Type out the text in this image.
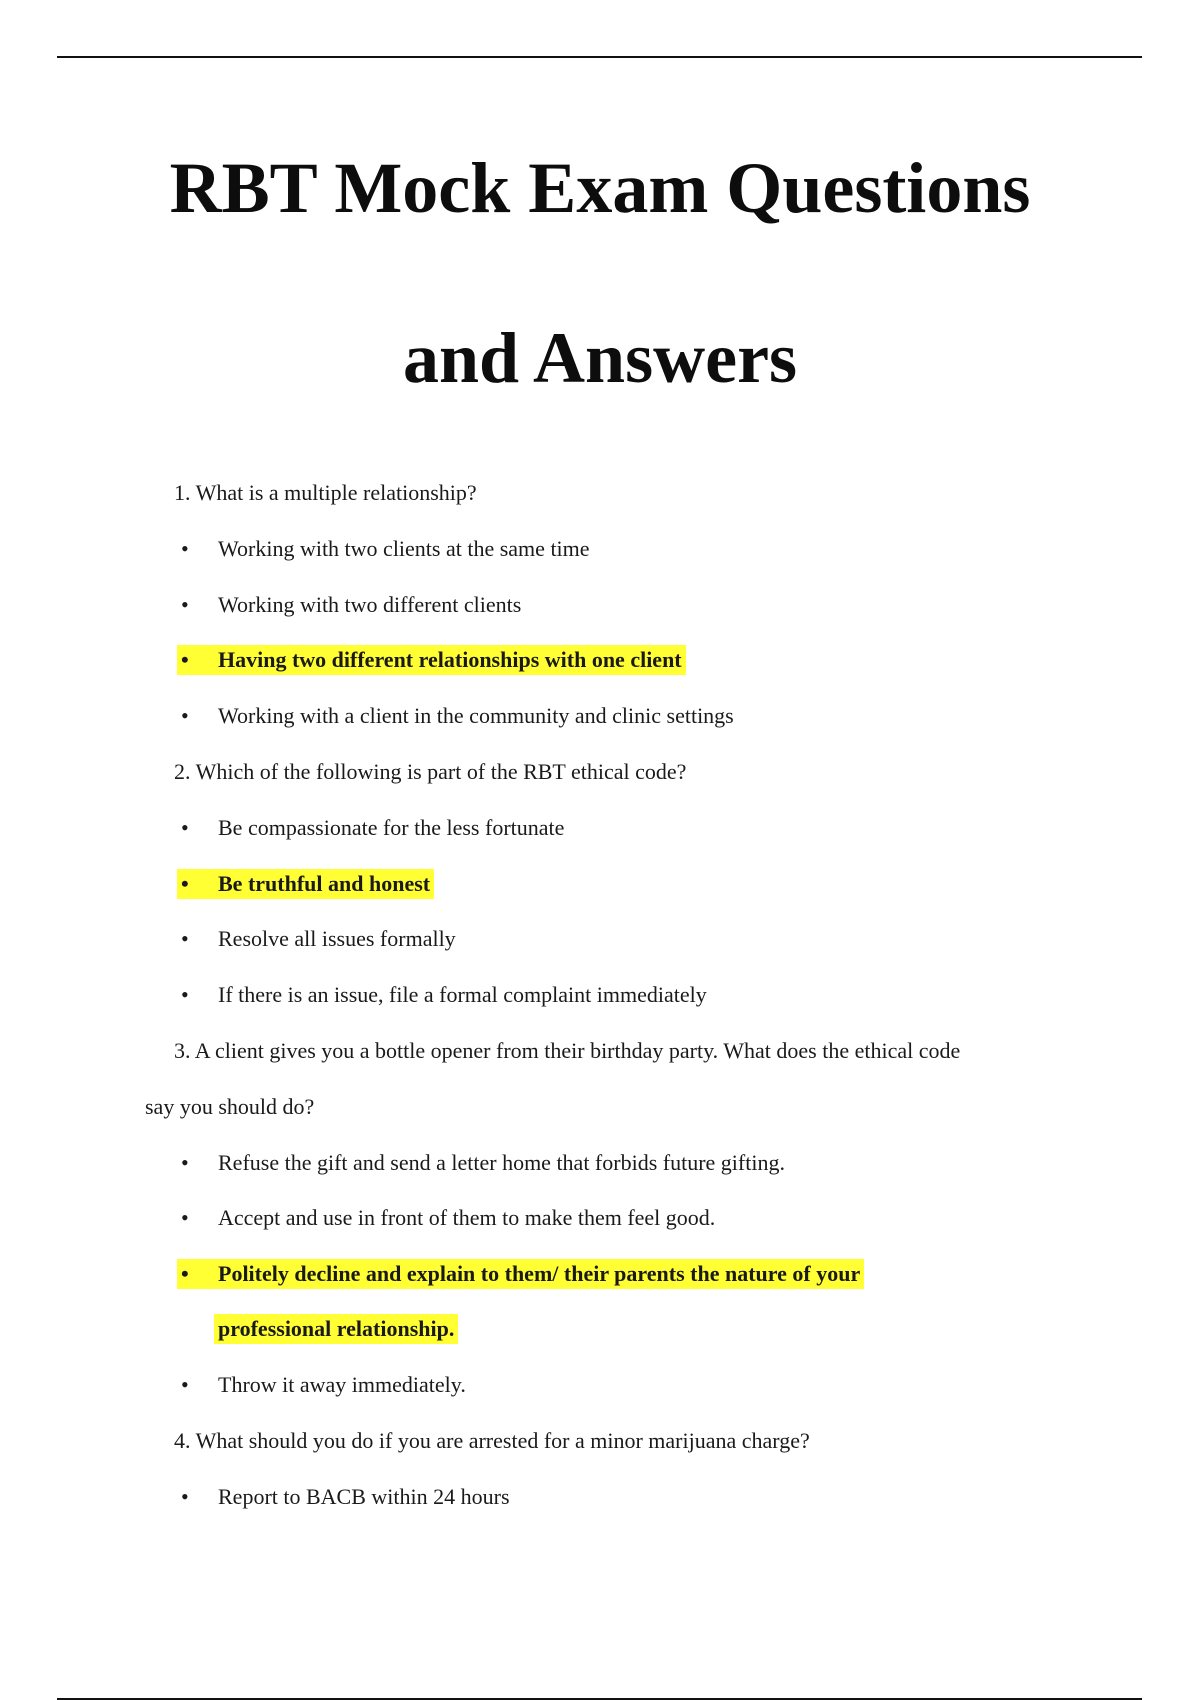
RBT Mock Exam Questions
and Answers
1. What is a multiple relationship?
• Working with two clients at the same time
• Working with two different clients
• Having two different relationships with one client
• Working with a client in the community and clinic settings
2. Which of the following is part of the RBT ethical code?
• Be compassionate for the less fortunate
• Be truthful and honest
• Resolve all issues formally
• If there is an issue, file a formal complaint immediately
3. A client gives you a bottle opener from their birthday party. What does the ethical code
say you should do?
• Refuse the gift and send a letter home that forbids future gifting.
• Accept and use in front of them to make them feel good.
• Politely decline and explain to them/ their parents the nature of your
professional relationship.
• Throw it away immediately.
4. What should you do if you are arrested for a minor marijuana charge?
• Report to BACB within 24 hours
